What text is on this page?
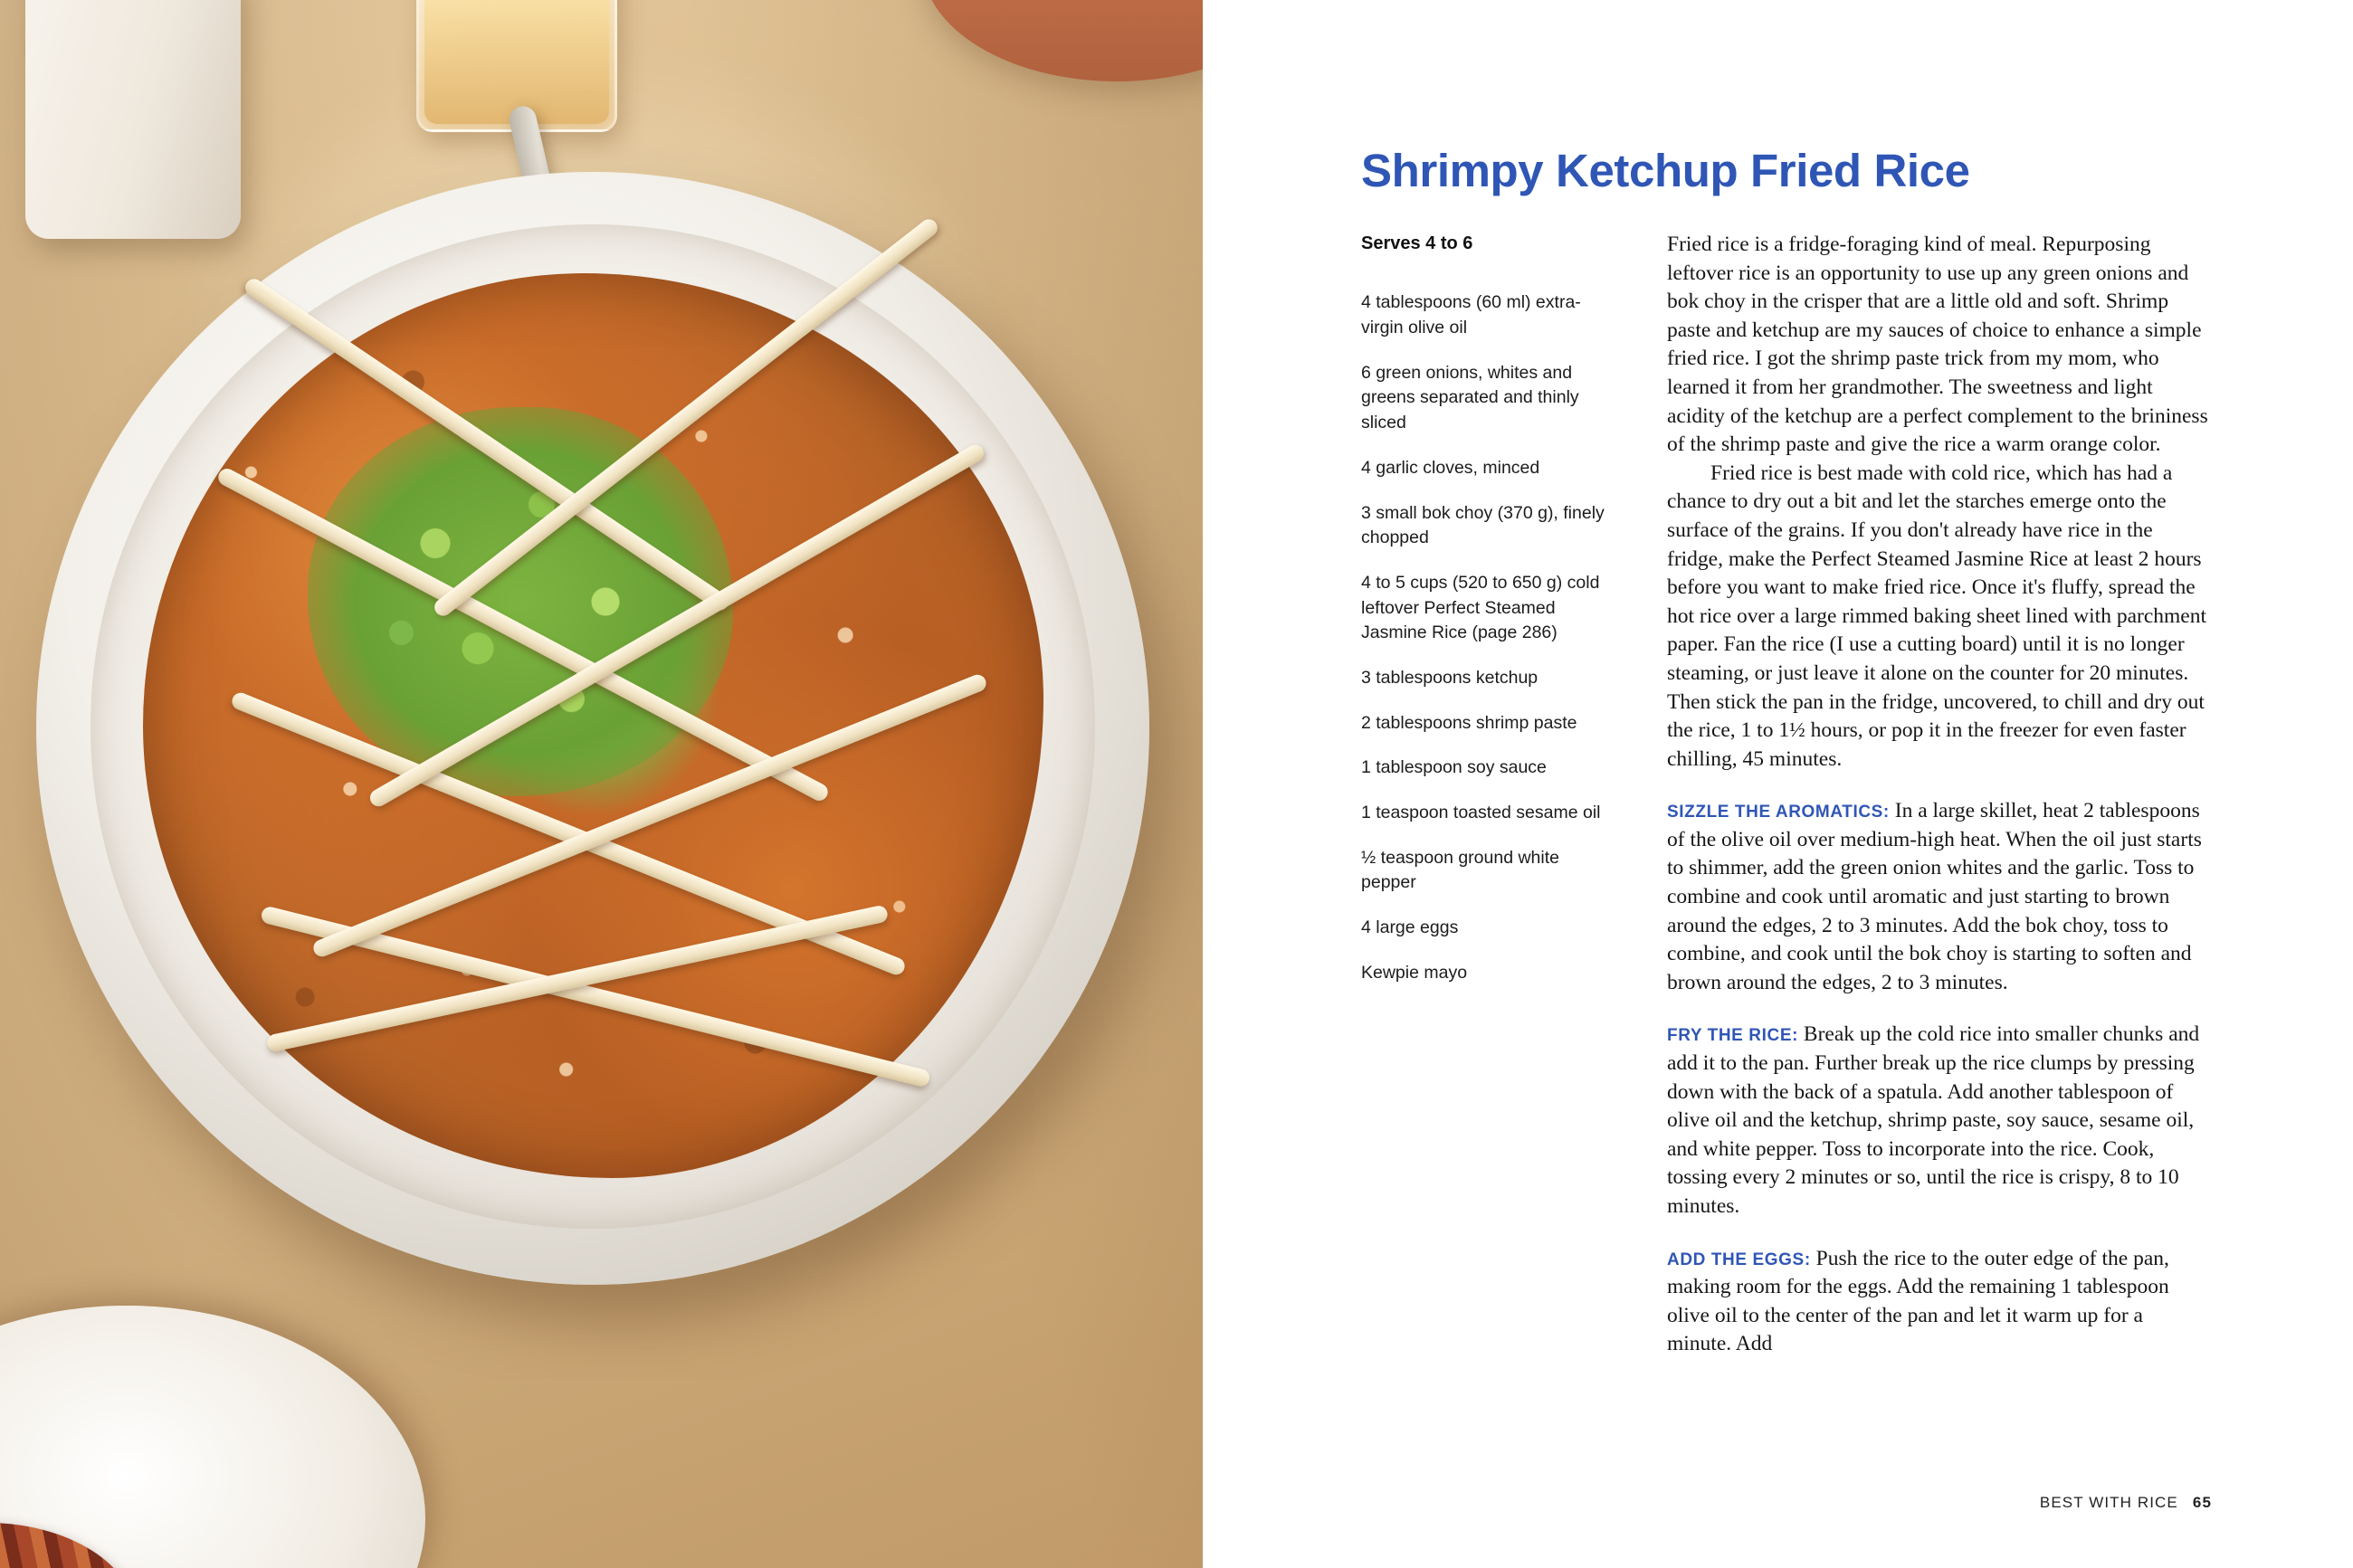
Shrimpy Ketchup Fried Rice
Serves 4 to 6
4 tablespoons (60 ml) extra-virgin olive oil
6 green onions, whites and greens separated and thinly sliced
4 garlic cloves, minced
3 small bok choy (370 g), finely chopped
4 to 5 cups (520 to 650 g) cold leftover Perfect Steamed Jasmine Rice (page 286)
3 tablespoons ketchup
2 tablespoons shrimp paste
1 tablespoon soy sauce
1 teaspoon toasted sesame oil
½ teaspoon ground white pepper
4 large eggs
Kewpie mayo

Fried rice is a fridge-foraging kind of meal. Repurposing leftover rice is an opportunity to use up any green onions and bok choy in the crisper that are a little old and soft. Shrimp paste and ketchup are my sauces of choice to enhance a simple fried rice. I got the shrimp paste trick from my mom, who learned it from her grandmother. The sweetness and light acidity of the ketchup are a perfect complement to the brininess of the shrimp paste and give the rice a warm orange color.

Fried rice is best made with cold rice, which has had a chance to dry out a bit and let the starches emerge onto the surface of the grains. If you don't already have rice in the fridge, make the Perfect Steamed Jasmine Rice at least 2 hours before you want to make fried rice. Once it's fluffy, spread the hot rice over a large rimmed baking sheet lined with parchment paper. Fan the rice (I use a cutting board) until it is no longer steaming, or just leave it alone on the counter for 20 minutes. Then stick the pan in the fridge, uncovered, to chill and dry out the rice, 1 to 1½ hours, or pop it in the freezer for even faster chilling, 45 minutes.

SIZZLE THE AROMATICS: In a large skillet, heat 2 tablespoons of the olive oil over medium-high heat. When the oil just starts to shimmer, add the green onion whites and the garlic. Toss to combine and cook until aromatic and just starting to brown around the edges, 2 to 3 minutes. Add the bok choy, toss to combine, and cook until the bok choy is starting to soften and brown around the edges, 2 to 3 minutes.

FRY THE RICE: Break up the cold rice into smaller chunks and add it to the pan. Further break up the rice clumps by pressing down with the back of a spatula. Add another tablespoon of olive oil and the ketchup, shrimp paste, soy sauce, sesame oil, and white pepper. Toss to incorporate into the rice. Cook, tossing every 2 minutes or so, until the rice is crispy, 8 to 10 minutes.

ADD THE EGGS: Push the rice to the outer edge of the pan, making room for the eggs. Add the remaining 1 tablespoon olive oil to the center of the pan and let it warm up for a minute. Add

BEST WITH RICE 65
